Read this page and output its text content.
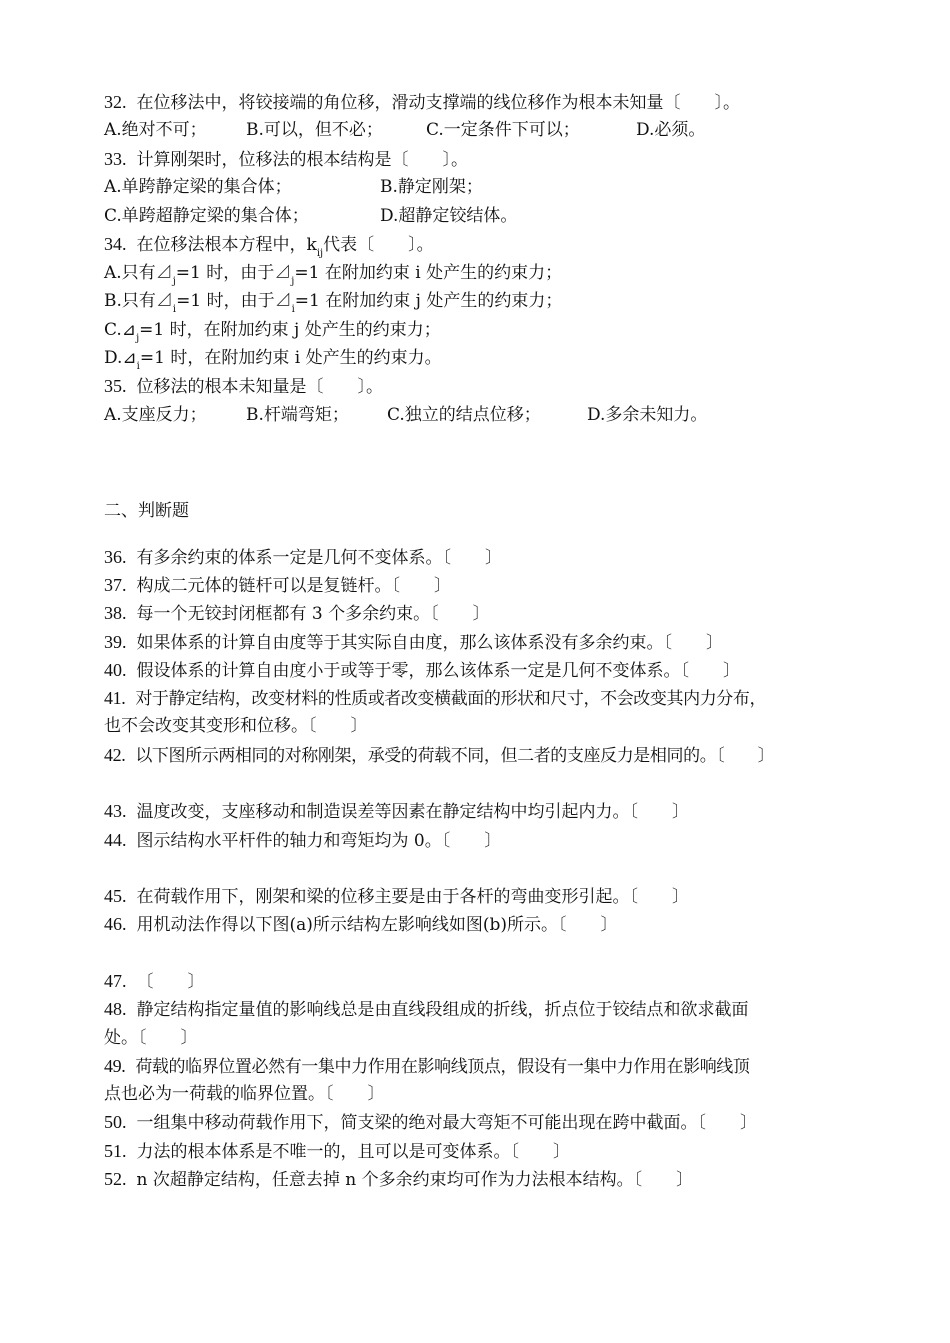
32. 在位移法中，将铰接端的角位移，滑动支撑端的线位移作为根本未知量〔　　〕。
A.绝对不可； B.可以，但不必；	C.一定条件下可以；	D.必须。
33. 计算刚架时，位移法的根本结构是〔　　〕。
A.单跨静定梁的集合体；	B.静定刚架；
C.单跨超静定梁的集合体；	D.超静定铰结体。
34. 在位移法根本方程中，$k_{ij}$代表〔　　〕。
A.只有$⊿_j=1$ 时，由于$⊿_j=1$ 在附加约束 i 处产生的约束力；
B.只有$⊿_i=1$ 时，由于$⊿_i=1$ 在附加约束 j 处产生的约束力；
$C.⊿_j=1$ 时，在附加约束 j 处产生的约束力；
$D.⊿_i=1$ 时，在附加约束 i 处产生的约束力。
35. 位移法的根本未知量是〔　　〕。
A.支座反力； B.杆端弯矩； C.独立的结点位移；	D.多余未知力。
二、判断题
36. 有多余约束的体系一定是几何不变体系。〔　　〕
37. 构成二元体的链杆可以是复链杆。〔　　〕
38. 每一个无铰封闭框都有 3 个多余约束。〔　　〕
39. 如果体系的计算自由度等于其实际自由度，那么该体系没有多余约束。〔　　〕
40. 假设体系的计算自由度小于或等于零，那么该体系一定是几何不变体系。〔　　〕
41. 对于静定结构，改变材料的性质或者改变横截面的形状和尺寸，不会改变其内力分布，
也不会改变其变形和位移。〔　　〕
42. 以下图所示两相同的对称刚架，承受的荷载不同，但二者的支座反力是相同的。〔　　〕
43. 温度改变，支座移动和制造误差等因素在静定结构中均引起内力。〔　　〕
44. 图示结构水平杆件的轴力和弯矩均为 0。〔　　〕
45. 在荷载作用下，刚架和梁的位移主要是由于各杆的弯曲变形引起。〔　　〕
46. 用机动法作得以下图(a)所示结构左影响线如图(b)所示。〔　　〕
47. 〔　　〕
48. 静定结构指定量值的影响线总是由直线段组成的折线，折点位于铰结点和欲求截面
处。〔　　〕
49. 荷载的临界位置必然有一集中力作用在影响线顶点，假设有一集中力作用在影响线顶
点也必为一荷载的临界位置。〔　　〕
50. 一组集中移动荷载作用下，简支梁的绝对最大弯矩不可能出现在跨中截面。〔　　〕
51. 力法的根本体系是不唯一的，且可以是可变体系。〔　　〕
52. n 次超静定结构，任意去掉 n 个多余约束均可作为力法根本结构。〔　　〕
